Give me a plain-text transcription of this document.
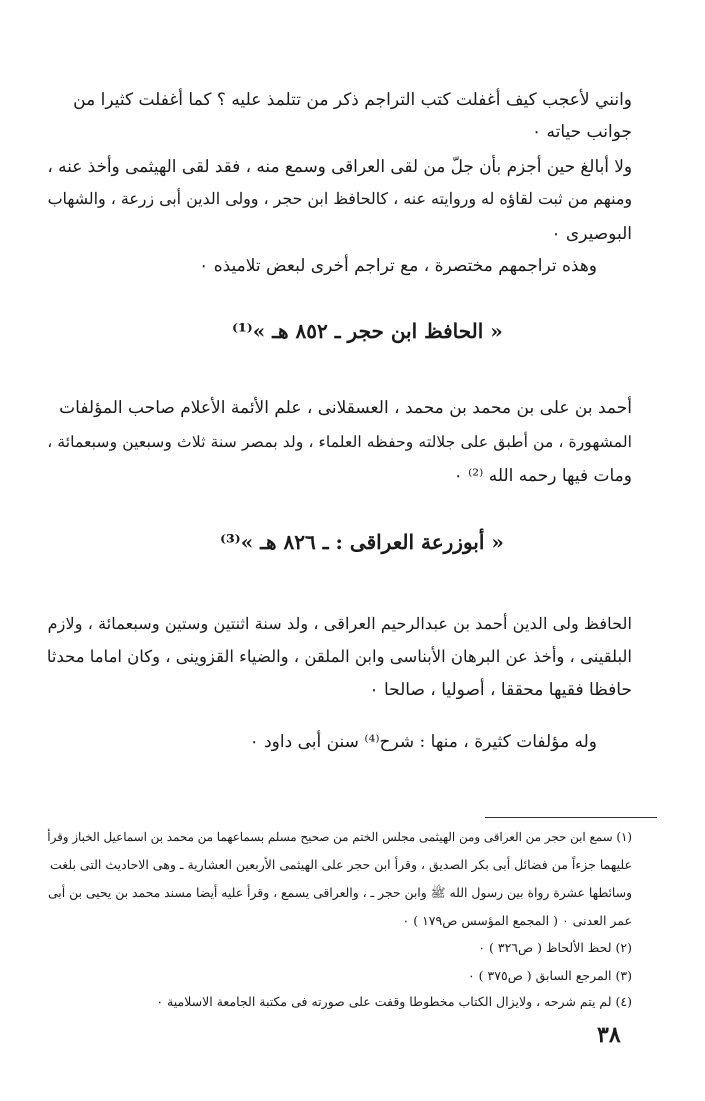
وانني لأعجب كيف أغفلت كتب التراجم ذكر من تتلمذ عليه ؟ كما أغفلت كثيرا من
جوانب حياته ٠
ولا أبالغ حين أجزم بأن جلّ من لقى العراقى وسمع منه ، فقد لقى الهيثمى وأخذ عنه ،
ومنهم من ثبت لقاؤه له وروايته عنه ، كالحافظ ابن حجر ، وولى الدين أبى زرعة ، والشهاب
البوصيرى ٠
وهذه تراجمهم مختصرة ، مع تراجم أخرى لبعض تلاميذه ٠
« الحافظ ابن حجر ـ ٨٥٢ هـ »⁽¹⁾
أحمد بن على بن محمد بن محمد ، العسقلانى ، علم الأئمة الأعلام صاحب المؤلفات
المشهورة ، من أطبق على جلالته وحفظه العلماء ، ولد بمصر سنة ثلاث وسبعين وسبعمائة ،
ومات فيها رحمه الله ⁽²⁾ ٠
« أبوزرعة العراقى : ـ ٨٢٦ هـ »⁽³⁾
الحافظ ولى الدين أحمد بن عبدالرحيم العراقى ، ولد سنة اثنتين وستين وسبعمائة ، ولازم
البلقينى ، وأخذ عن البرهان الأبناسى وابن الملقن ، والضياء القزوينى ، وكان اماما محدثا
حافظا فقيها محققا ، أصوليا ، صالحا ٠
وله مؤلفات كثيرة ، منها : شرح⁽⁴⁾ سنن أبى داود ٠
(١) سمع ابن حجر من العراقى ومن الهيثمى مجلس الختم من صحيح مسلم بسماعهما من محمد بن اسماعيل الخباز وقرأ
عليهما جزءاً من فضائل أبى بكر الصديق ، وقرأ ابن حجر على الهيثمى الأربعين العشارية ـ وهى الاحاديث التى بلغت
وسائطها عشرة رواة بين رسول الله ﷺ وابن حجر ـ ، والعراقى يسمع ، وقرأ عليه أيضا مسند محمد بن يحيى بن أبى
عمر العدنى ٠ ( المجمع المؤسس ص١٧٩ ) ٠
(٢) لحظ الألحاظ ( ص٣٢٦ ) ٠
(٣) المرجع السابق ( ص٣٧٥ ) ٠
(٤) لم يتم شرحه ، ولايزال الكتاب مخطوطا وقفت على صورته فى مكتبة الجامعة الاسلامية ٠
٣٨
